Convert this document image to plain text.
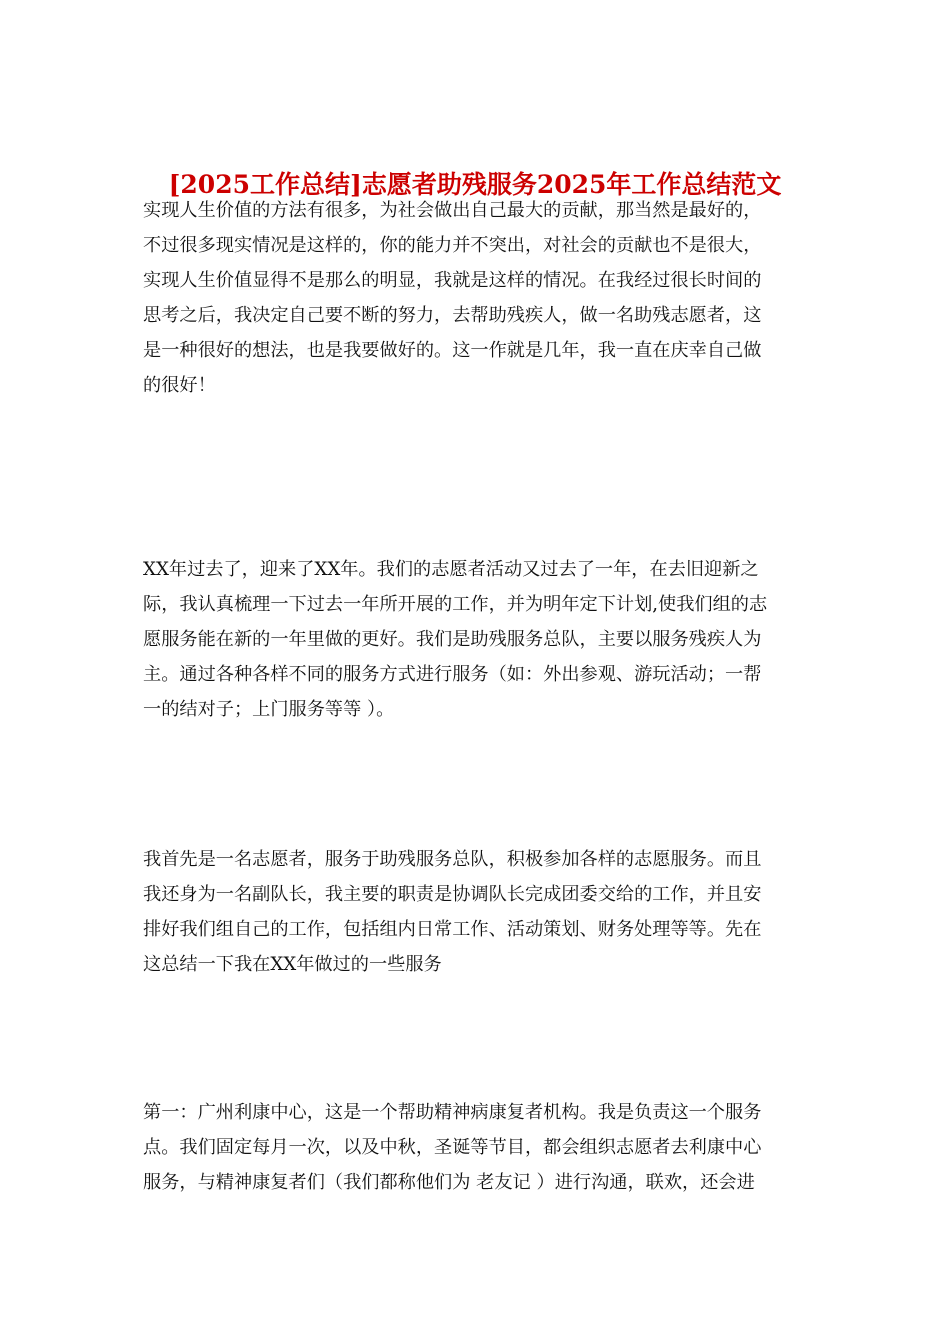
[2025工作总结]志愿者助残服务2025年工作总结范文

实现人生价值的方法有很多，为社会做出自己最大的贡献，那当然是最好的，
不过很多现实情况是这样的，你的能力并不突出，对社会的贡献也不是很大，
实现人生价值显得不是那么的明显，我就是这样的情况。在我经过很长时间的
思考之后，我决定自己要不断的努力，去帮助残疾人，做一名助残志愿者，这
是一种很好的想法，也是我要做好的。这一作就是几年，我一直在庆幸自己做
的很好！

XX年过去了，迎来了XX年。我们的志愿者活动又过去了一年，在去旧迎新之
际，我认真梳理一下过去一年所开展的工作，并为明年定下计划,使我们组的志
愿服务能在新的一年里做的更好。我们是助残服务总队，主要以服务残疾人为
主。通过各种各样不同的服务方式进行服务（如：外出参观、游玩活动；一帮
一的结对子；上门服务等等 ）。

我首先是一名志愿者，服务于助残服务总队，积极参加各样的志愿服务。而且
我还身为一名副队长，我主要的职责是协调队长完成团委交给的工作，并且安
排好我们组自己的工作，包括组内日常工作、活动策划、财务处理等等。先在
这总结一下我在XX年做过的一些服务

第一：广州利康中心，这是一个帮助精神病康复者机构。我是负责这一个服务
点。我们固定每月一次，以及中秋，圣诞等节目，都会组织志愿者去利康中心
服务，与精神康复者们（我们都称他们为 老友记 ）进行沟通，联欢，还会进
